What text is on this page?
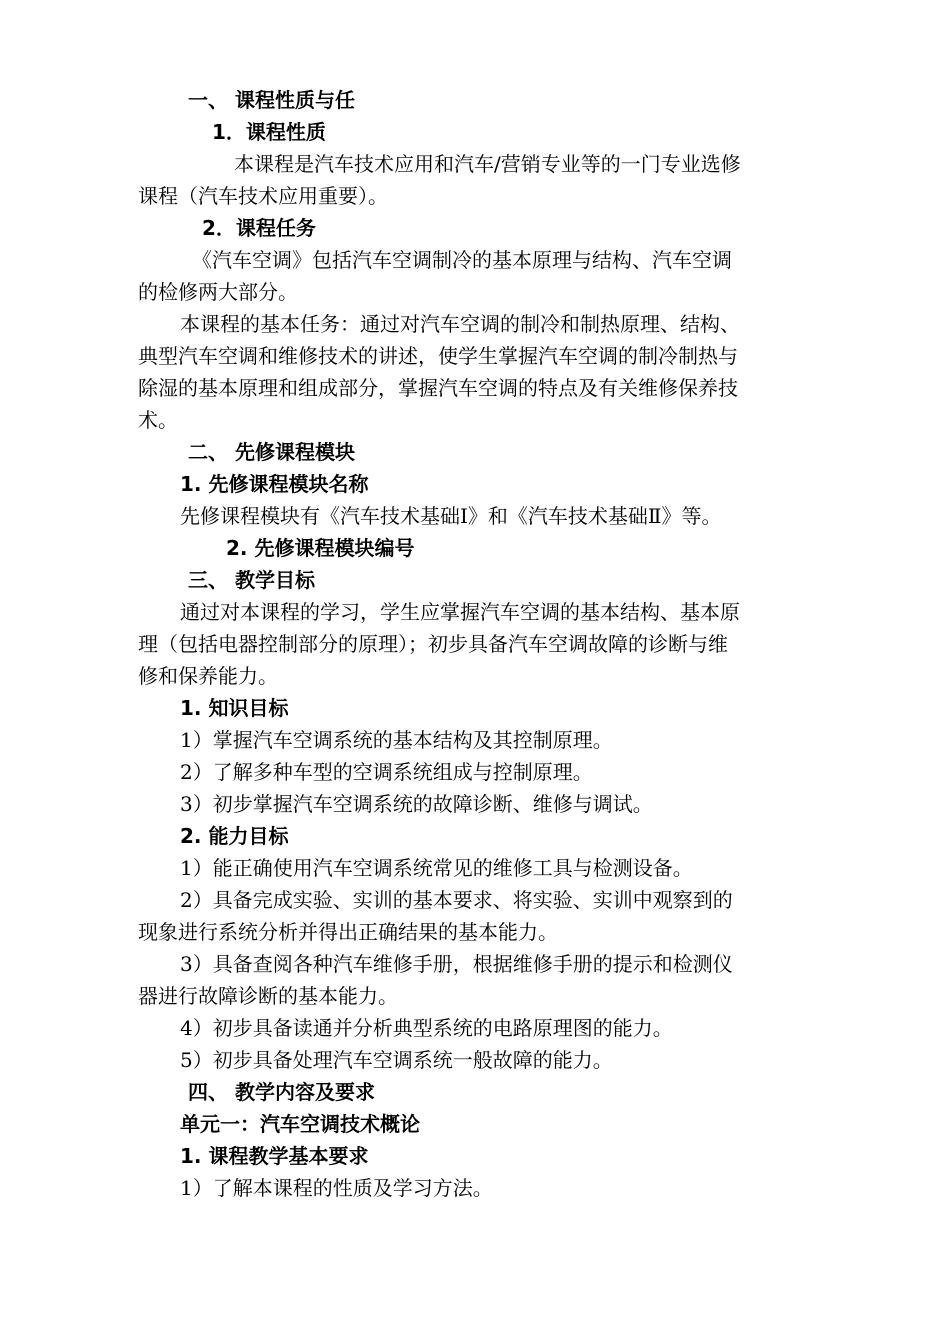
一、 课程性质与任
1．课程性质
本课程是汽车技术应用和汽车/营销专业等的一门专业选修
课程（汽车技术应用重要）。
2．课程任务
《汽车空调》包括汽车空调制冷的基本原理与结构、汽车空调
的检修两大部分。
本课程的基本任务：通过对汽车空调的制冷和制热原理、结构、
典型汽车空调和维修技术的讲述，使学生掌握汽车空调的制冷制热与
除湿的基本原理和组成部分，掌握汽车空调的特点及有关维修保养技
术。
二、 先修课程模块
1. 先修课程模块名称
先修课程模块有《汽车技术基础Ⅰ》和《汽车技术基础Ⅱ》等。
2. 先修课程模块编号
三、 教学目标
通过对本课程的学习，学生应掌握汽车空调的基本结构、基本原
理（包括电器控制部分的原理）；初步具备汽车空调故障的诊断与维
修和保养能力。
1. 知识目标
1）掌握汽车空调系统的基本结构及其控制原理。
2）了解多种车型的空调系统组成与控制原理。
3）初步掌握汽车空调系统的故障诊断、维修与调试。
2. 能力目标
1）能正确使用汽车空调系统常见的维修工具与检测设备。
2）具备完成实验、实训的基本要求、将实验、实训中观察到的
现象进行系统分析并得出正确结果的基本能力。
3）具备查阅各种汽车维修手册，根据维修手册的提示和检测仪
器进行故障诊断的基本能力。
4）初步具备读通并分析典型系统的电路原理图的能力。
5）初步具备处理汽车空调系统一般故障的能力。
四、 教学内容及要求
单元一：汽车空调技术概论
1. 课程教学基本要求
1）了解本课程的性质及学习方法。
